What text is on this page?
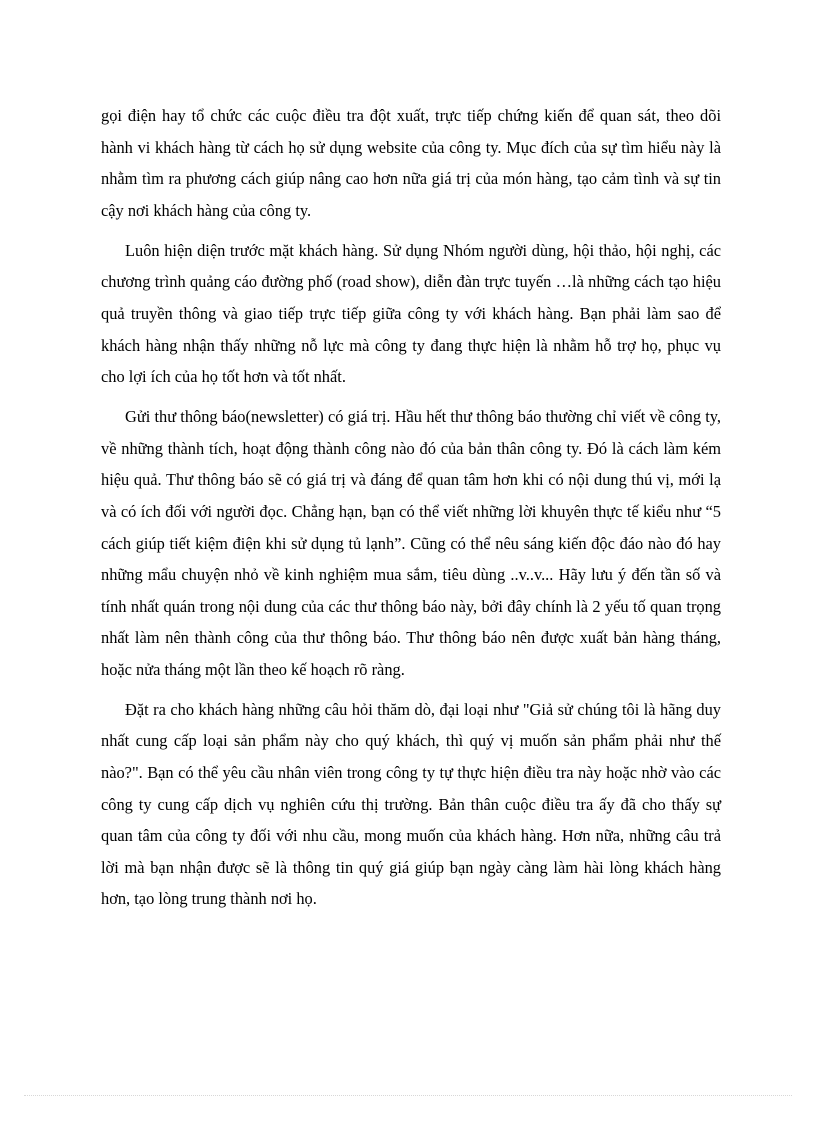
gọi điện hay tổ chức các cuộc điều tra đột xuất, trực tiếp chứng kiến để quan sát, theo dõi hành vi khách hàng từ cách họ sử dụng website của công ty. Mục đích của sự tìm hiểu này là nhằm tìm ra phương cách giúp nâng cao hơn nữa giá trị của món hàng, tạo cảm tình và sự tin cậy nơi khách hàng của công ty.

Luôn hiện diện trước mặt khách hàng. Sử dụng Nhóm người dùng, hội thảo, hội nghị, các chương trình quảng cáo đường phố (road show), diễn đàn trực tuyến …là những cách tạo hiệu quả truyền thông và giao tiếp trực tiếp giữa công ty với khách hàng. Bạn phải làm sao để khách hàng nhận thấy những nỗ lực mà công ty đang thực hiện là nhằm hỗ trợ họ, phục vụ cho lợi ích của họ tốt hơn và tốt nhất.

Gửi thư thông báo(newsletter) có giá trị. Hầu hết thư thông báo thường chỉ viết về công ty, về những thành tích, hoạt động thành công nào đó của bản thân công ty. Đó là cách làm kém hiệu quả. Thư thông báo sẽ có giá trị và đáng để quan tâm hơn khi có nội dung thú vị, mới lạ và có ích đối với người đọc. Chẳng hạn, bạn có thể viết những lời khuyên thực tế kiểu như “5 cách giúp tiết kiệm điện khi sử dụng tủ lạnh”. Cũng có thể nêu sáng kiến độc đáo nào đó hay những mẩu chuyện nhỏ về kinh nghiệm mua sắm, tiêu dùng ..v..v... Hãy lưu ý đến tần số và tính nhất quán trong nội dung của các thư thông báo này, bởi đây chính là 2 yếu tố quan trọng nhất làm nên thành công của thư thông báo. Thư thông báo nên được xuất bản hàng tháng, hoặc nửa tháng một lần theo kế hoạch rõ ràng.

Đặt ra cho khách hàng những câu hỏi thăm dò, đại loại như "Giả sử chúng tôi là hãng duy nhất cung cấp loại sản phẩm này cho quý khách, thì quý vị muốn sản phẩm phải như thế nào?". Bạn có thể yêu cầu nhân viên trong công ty tự thực hiện điều tra này hoặc nhờ vào các công ty cung cấp dịch vụ nghiên cứu thị trường. Bản thân cuộc điều tra ấy đã cho thấy sự quan tâm của công ty đối với nhu cầu, mong muốn của khách hàng. Hơn nữa, những câu trả lời mà bạn nhận được sẽ là thông tin quý giá giúp bạn ngày càng làm hài lòng khách hàng hơn, tạo lòng trung thành nơi họ.
